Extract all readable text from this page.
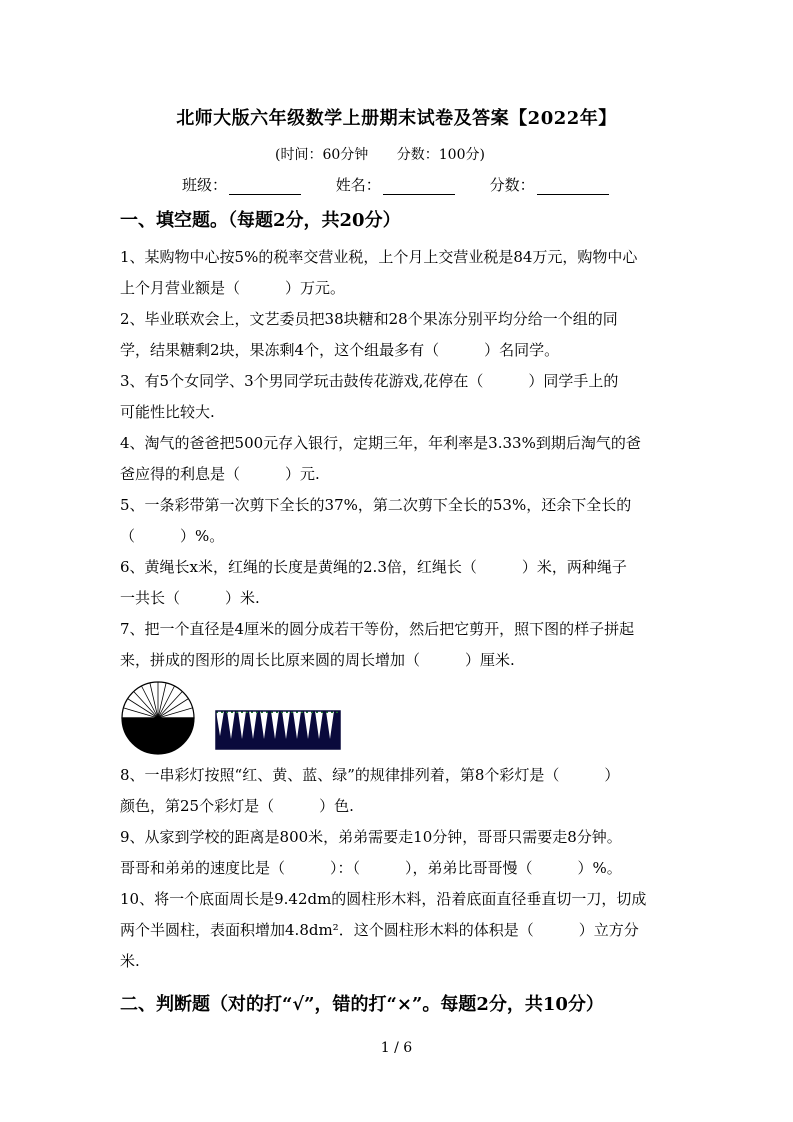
北师大版六年级数学上册期末试卷及答案【2022年】
(时间：60分钟 分数：100分)
班级：	姓名：	分数：
一、填空题。（每题2分，共20分）

1、某购物中心按5%的税率交营业税，上个月上交营业税是84万元，购物中心

上个月营业额是（　　　）万元。

2、毕业联欢会上，文艺委员把38块糖和28个果冻分别平均分给一个组的同

学，结果糖剩2块，果冻剩4个，这个组最多有（　　　）名同学。

3、有5个女同学、3个男同学玩击鼓传花游戏,花停在（　　　）同学手上的

可能性比较大.

4、淘气的爸爸把500元存入银行，定期三年，年利率是3.33%到期后淘气的爸

爸应得的利息是（　　　）元.

5、一条彩带第一次剪下全长的37%，第二次剪下全长的53%，还余下全长的

（　　　）%。

6、黄绳长x米，红绳的长度是黄绳的2.3倍，红绳长（　　　）米，两种绳子

一共长（　　　）米.

7、把一个直径是4厘米的圆分成若干等份，然后把它剪开，照下图的样子拼起

来，拼成的图形的周长比原来圆的周长增加（　　　）厘米.

8、一串彩灯按照“红、黄、蓝、绿”的规律排列着，第8个彩灯是（　　　）

颜色，第25个彩灯是（　　　）色.

9、从家到学校的距离是800米，弟弟需要走10分钟，哥哥只需要走8分钟。

哥哥和弟弟的速度比是（　　　）：（　　　），弟弟比哥哥慢（　　　）%。

10、将一个底面周长是9.42dm的圆柱形木料，沿着底面直径垂直切一刀，切成

两个半圆柱，表面积增加4.8dm²．这个圆柱形木料的体积是（　　　）立方分

米.

二、判断题（对的打“√”，错的打“×”。每题2分，共10分）
1 / 6
